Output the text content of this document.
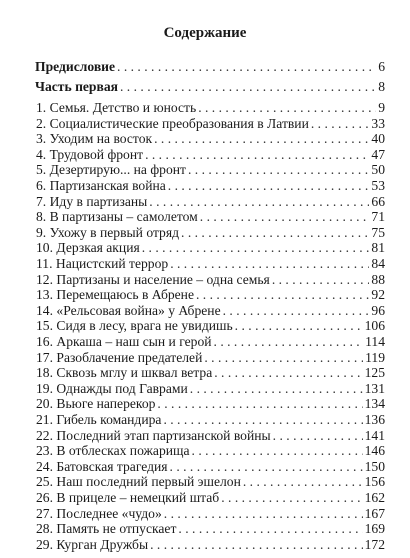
Содержание
Предисловие . . .	6
Часть первая . . .	8
1. Семья. Детство и юность . . .	9
2. Социалистические преобразования в Латвии . . .	33
3. Уходим на восток . . .	40
4. Трудовой фронт . . .	47
5. Дезертирую... на фронт . . .	50
6. Партизанская война . . .	53
7. Иду в партизаны . . .	66
8. В партизаны – самолетом . . .	71
9. Ухожу в первый отряд . . .	75
10. Дерзкая акция . . .	81
11. Нацистский террор . . .	84
12. Партизаны и население – одна семья . . .	88
13. Перемещаюсь в Абрене . . .	92
14. «Рельсовая война» у Абрене . . .	96
15. Сидя в лесу, врага не увидишь . . .	106
16. Аркаша – наш сын и герой . . .	114
17. Разоблачение предателей . . .	119
18. Сквозь мглу и шквал ветра . . .	125
19. Однажды под Гаврами . . .	131
20. Вьюге наперекор . . .	134
21. Гибель командира . . .	136
22. Последний этап партизанской войны . . .	141
23. В отблесках пожарища . . .	146
24. Батовская трагедия . . .	150
25. Наш последний первый эшелон . . .	156
26. В прицеле – немецкий штаб . . .	162
27. Последнее «чудо» . . .	167
28. Память не отпускает . . .	169
29. Курган Дружбы . . .	172
